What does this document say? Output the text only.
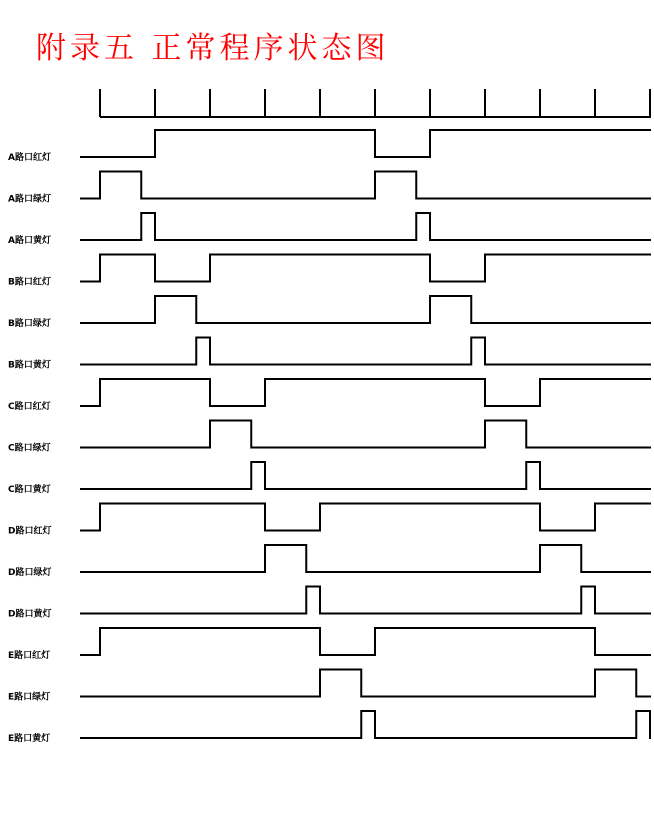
附录五 正常程序状态图
A路口红灯
A路口绿灯
A路口黄灯
B路口红灯
B路口绿灯
B路口黄灯
C路口红灯
C路口绿灯
C路口黄灯
D路口红灯
D路口绿灯
D路口黄灯
E路口红灯
E路口绿灯
E路口黄灯
